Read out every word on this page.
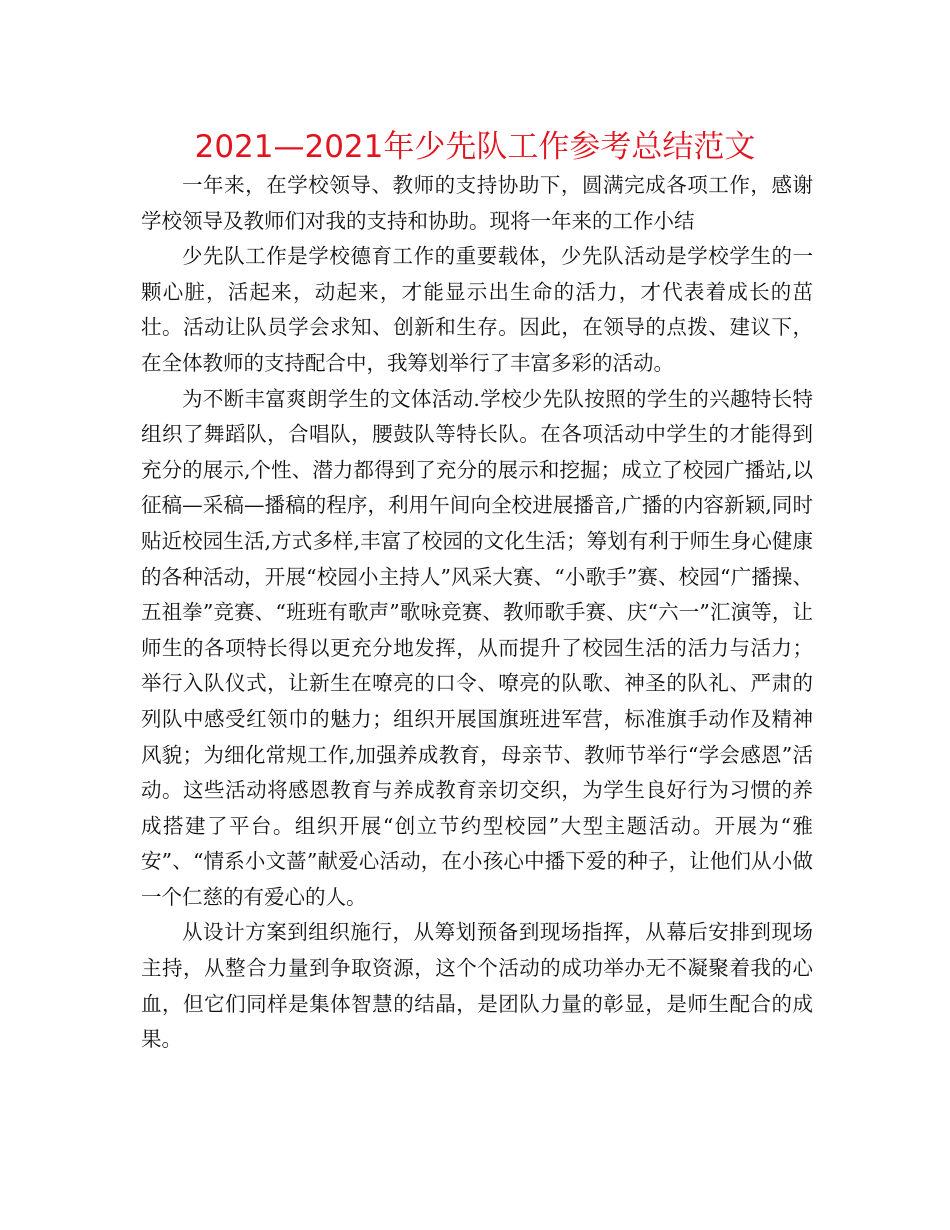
2021—2021年少先队工作参考总结范文

一年来，在学校领导、教师的支持协助下，圆满完成各项工作，感谢学校领导及教师们对我的支持和协助。现将一年来的工作小结

少先队工作是学校德育工作的重要载体，少先队活动是学校学生的一颗心脏，活起来，动起来，才能显示出生命的活力，才代表着成长的茁壮。活动让队员学会求知、创新和生存。因此，在领导的点拨、建议下，在全体教师的支持配合中，我筹划举行了丰富多彩的活动。

为不断丰富爽朗学生的文体活动.学校少先队按照的学生的兴趣特长特组织了舞蹈队，合唱队，腰鼓队等特长队。在各项活动中学生的才能得到充分的展示,个性、潜力都得到了充分的展示和挖掘；成立了校园广播站,以征稿—采稿—播稿的程序，利用午间向全校进展播音,广播的内容新颖,同时贴近校园生活,方式多样,丰富了校园的文化生活；筹划有利于师生身心健康的各种活动，开展“校园小主持人”风采大赛、“小歌手”赛、校园“广播操、五祖拳”竞赛、“班班有歌声”歌咏竞赛、教师歌手赛、庆“六一”汇演等，让师生的各项特长得以更充分地发挥，从而提升了校园生活的活力与活力；举行入队仪式，让新生在嘹亮的口令、嘹亮的队歌、神圣的队礼、严肃的列队中感受红领巾的魅力；组织开展国旗班进军营，标准旗手动作及精神风貌；为细化常规工作,加强养成教育，母亲节、教师节举行“学会感恩”活动。这些活动将感恩教育与养成教育亲切交织，为学生良好行为习惯的养成搭建了平台。组织开展“创立节约型校园”大型主题活动。开展为“雅安”、“情系小文蔷”献爱心活动，在小孩心中播下爱的种子，让他们从小做一个仁慈的有爱心的人。

从设计方案到组织施行，从筹划预备到现场指挥，从幕后安排到现场主持，从整合力量到争取资源，这个个活动的成功举办无不凝聚着我的心血，但它们同样是集体智慧的结晶，是团队力量的彰显，是师生配合的成果。
